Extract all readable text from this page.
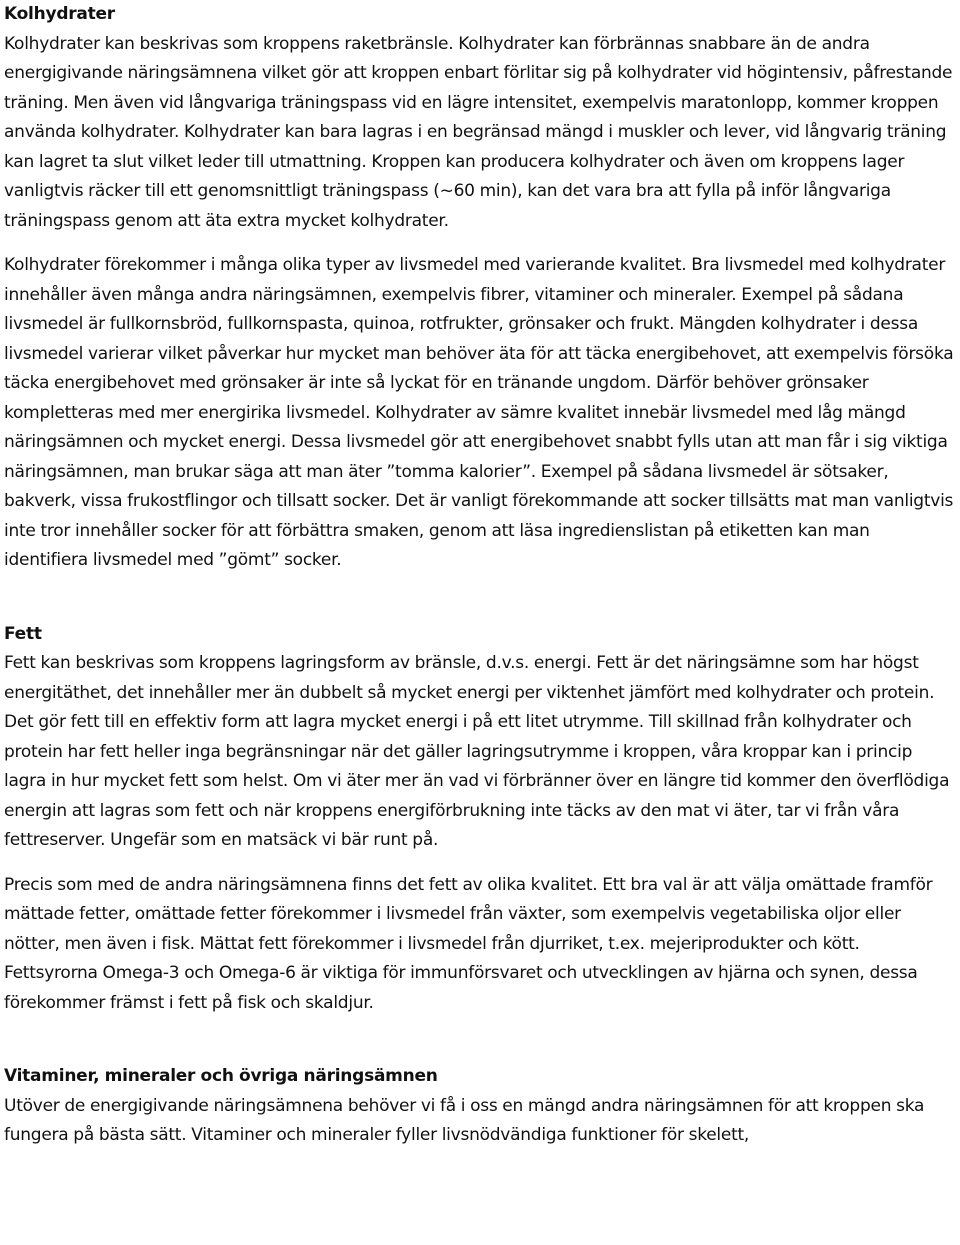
Kolhydrater

Kolhydrater kan beskrivas som kroppens raketbränsle. Kolhydrater kan förbrännas snabbare än de andra energigivande näringsämnena vilket gör att kroppen enbart förlitar sig på kolhydrater vid högintensiv, påfrestande träning. Men även vid långvariga träningspass vid en lägre intensitet, exempelvis maratonlopp, kommer kroppen använda kolhydrater. Kolhydrater kan bara lagras i en begränsad mängd i muskler och lever, vid långvarig träning kan lagret ta slut vilket leder till utmattning. Kroppen kan producera kolhydrater och även om kroppens lager vanligtvis räcker till ett genomsnittligt träningspass (~60 min), kan det vara bra att fylla på inför långvariga träningspass genom att äta extra mycket kolhydrater.

Kolhydrater förekommer i många olika typer av livsmedel med varierande kvalitet. Bra livsmedel med kolhydrater innehåller även många andra näringsämnen, exempelvis fibrer, vitaminer och mineraler. Exempel på sådana livsmedel är fullkornsbröd, fullkornspasta, quinoa, rotfrukter, grönsaker och frukt. Mängden kolhydrater i dessa livsmedel varierar vilket påverkar hur mycket man behöver äta för att täcka energibehovet, att exempelvis försöka täcka energibehovet med grönsaker är inte så lyckat för en tränande ungdom. Därför behöver grönsaker kompletteras med mer energirika livsmedel. Kolhydrater av sämre kvalitet innebär livsmedel med låg mängd näringsämnen och mycket energi. Dessa livsmedel gör att energibehovet snabbt fylls utan att man får i sig viktiga näringsämnen, man brukar säga att man äter ”tomma kalorier”. Exempel på sådana livsmedel är sötsaker, bakverk, vissa frukostflingor och tillsatt socker. Det är vanligt förekommande att socker tillsätts mat man vanligtvis inte tror innehåller socker för att förbättra smaken, genom att läsa ingredienslistan på etiketten kan man identifiera livsmedel med ”gömt” socker.

Fett

Fett kan beskrivas som kroppens lagringsform av bränsle, d.v.s. energi. Fett är det näringsämne som har högst energitäthet, det innehåller mer än dubbelt så mycket energi per viktenhet jämfört med kolhydrater och protein. Det gör fett till en effektiv form att lagra mycket energi i på ett litet utrymme. Till skillnad från kolhydrater och protein har fett heller inga begränsningar när det gäller lagringsutrymme i kroppen, våra kroppar kan i princip lagra in hur mycket fett som helst. Om vi äter mer än vad vi förbränner över en längre tid kommer den överflödiga energin att lagras som fett och när kroppens energiförbrukning inte täcks av den mat vi äter, tar vi från våra fettreserver. Ungefär som en matsäck vi bär runt på.

Precis som med de andra näringsämnena finns det fett av olika kvalitet. Ett bra val är att välja omättade framför mättade fetter, omättade fetter förekommer i livsmedel från växter, som exempelvis vegetabiliska oljor eller nötter, men även i fisk. Mättat fett förekommer i livsmedel från djurriket, t.ex. mejeriprodukter och kött. Fettsyrorna Omega-3 och Omega-6 är viktiga för immunförsvaret och utvecklingen av hjärna och synen, dessa förekommer främst i fett på fisk och skaldjur.

Vitaminer, mineraler och övriga näringsämnen

Utöver de energigivande näringsämnena behöver vi få i oss en mängd andra näringsämnen för att kroppen ska fungera på bästa sätt. Vitaminer och mineraler fyller livsnödvändiga funktioner för skelett,
